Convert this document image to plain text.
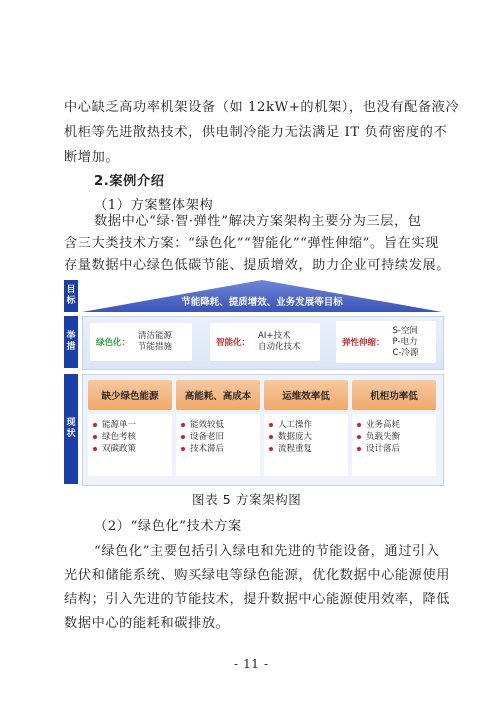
中心缺乏高功率机架设备（如 12kW+的机架），也没有配备液冷
机柜等先进散热技术，供电制冷能力无法满足 IT 负荷密度的不
断增加。
2.案例介绍
（1）方案整体架构
数据中心“绿·智·弹性”解决方案架构主要分为三层，包
含三大类技术方案：“绿色化”“智能化”“弹性伸缩”。旨在实现
目标
举措
现状
节能降耗、提质增效、业务发展等目标
绿色化：
清洁能源
节能措施	智能化：
AI+技术
自动化技术	弹性伸缩：
S-空间
P-电力
C-冷源
缺少绿色能源
能源单一
绿色考核
双碳政策
高能耗、高成本
能效较低
设备老旧
技术滞后
运维效率低
人工操作
数据庞大
流程重复
机柜功率低
业务高耗
负载失衡
设计落后
图表 5 方案架构图
（2）“绿色化”技术方案
“绿色化”主要包括引入绿电和先进的节能设备，通过引入
光伏和储能系统、购买绿电等绿色能源，优化数据中心能源使用
结构；引入先进的节能技术，提升数据中心能源使用效率，降低
数据中心的能耗和碳排放。
- 11 -
存量数据中心绿色低碳节能、提质增效，助力企业可持续发展。
